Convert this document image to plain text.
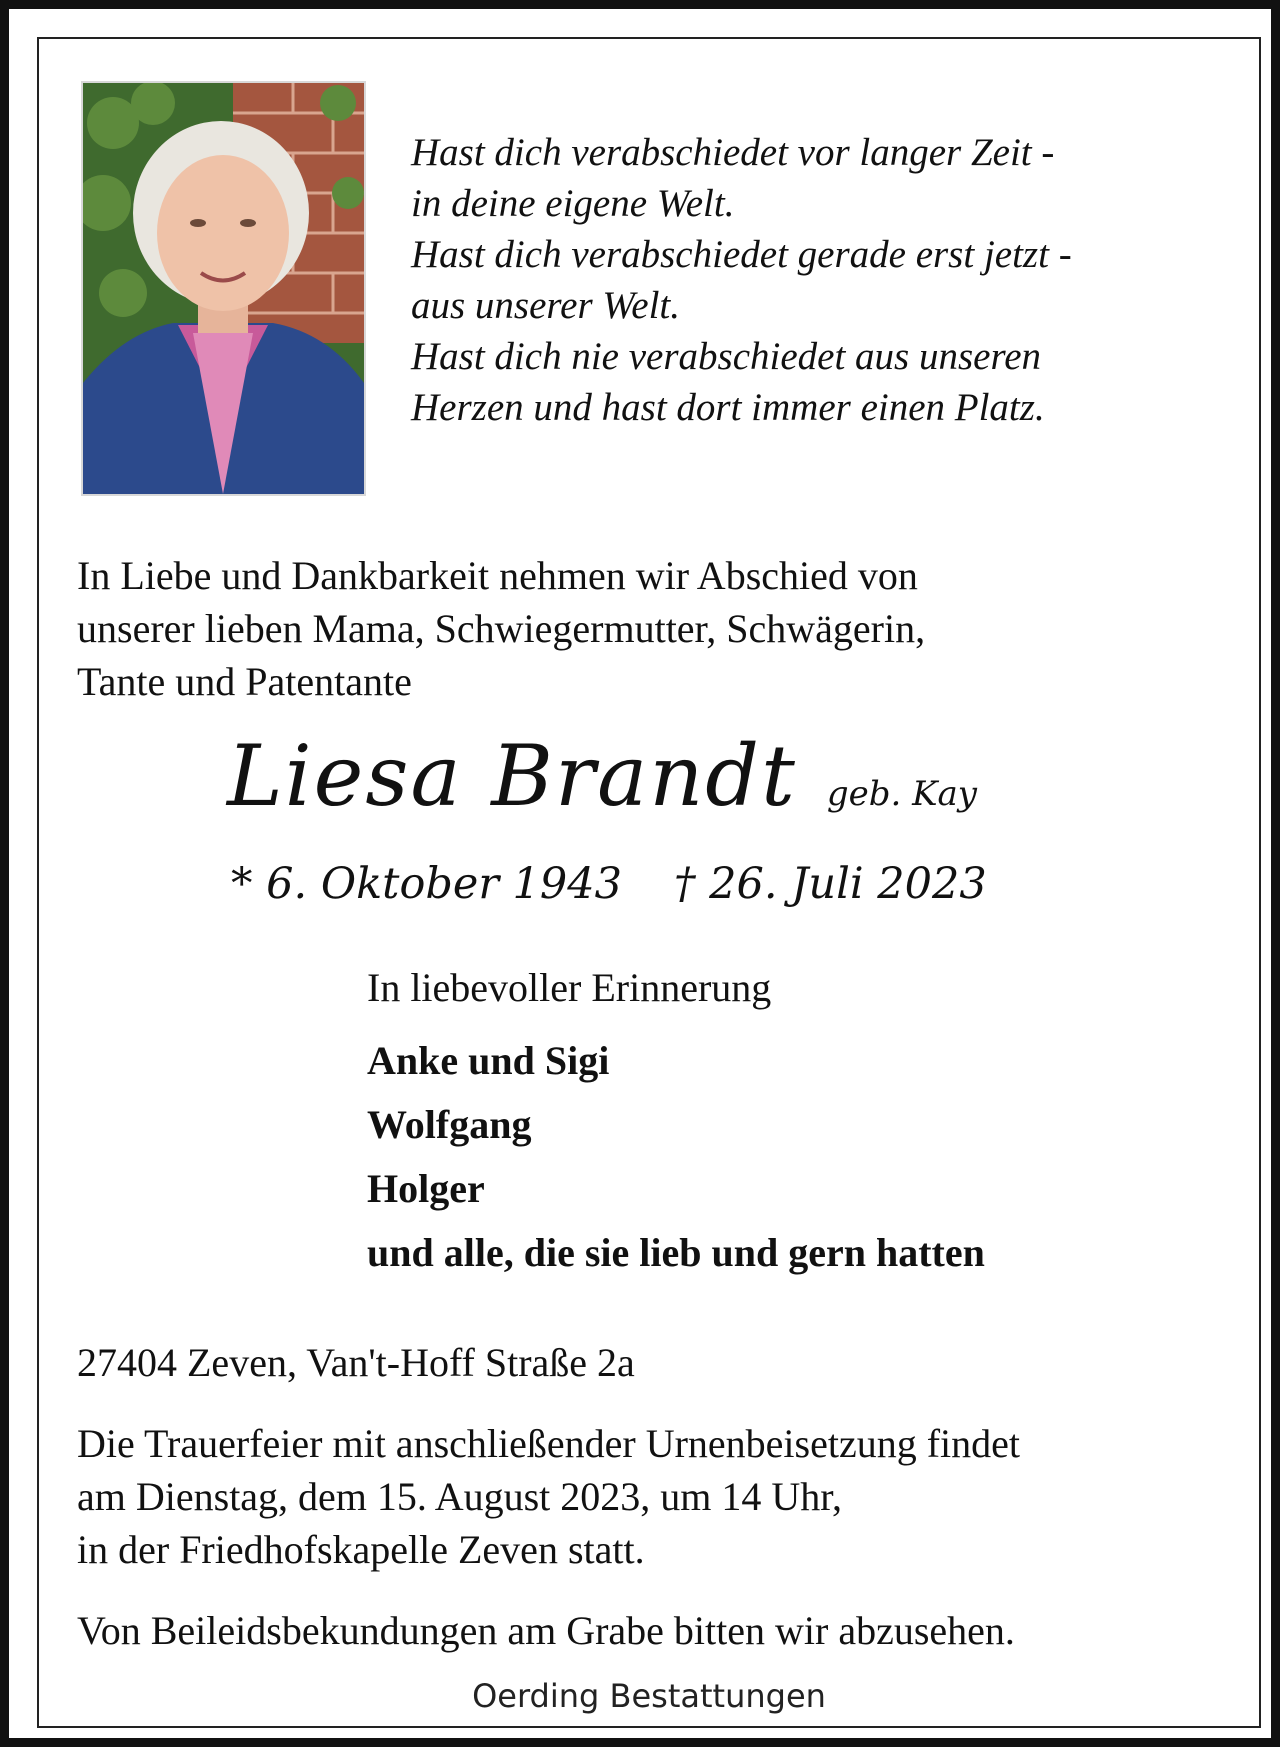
Hast dich verabschiedet vor langer Zeit -
in deine eigene Welt.
Hast dich verabschiedet gerade erst jetzt -
aus unserer Welt.
Hast dich nie verabschiedet aus unseren
Herzen und hast dort immer einen Platz.
In Liebe und Dankbarkeit nehmen wir Abschied von
unserer lieben Mama, Schwiegermutter, Schwägerin,
Tante und Patentante
Liesa Brandt geb. Kay
* 6. Oktober 1943 † 26. Juli 2023
In liebevoller Erinnerung
Anke und Sigi
Wolfgang
Holger
und alle, die sie lieb und gern hatten
27404 Zeven, Van't-Hoff Straße 2a
Die Trauerfeier mit anschließender Urnenbeisetzung findet
am Dienstag, dem 15. August 2023, um 14 Uhr,
in der Friedhofskapelle Zeven statt.
Von Beileidsbekundungen am Grabe bitten wir abzusehen.
Oerding Bestattungen
